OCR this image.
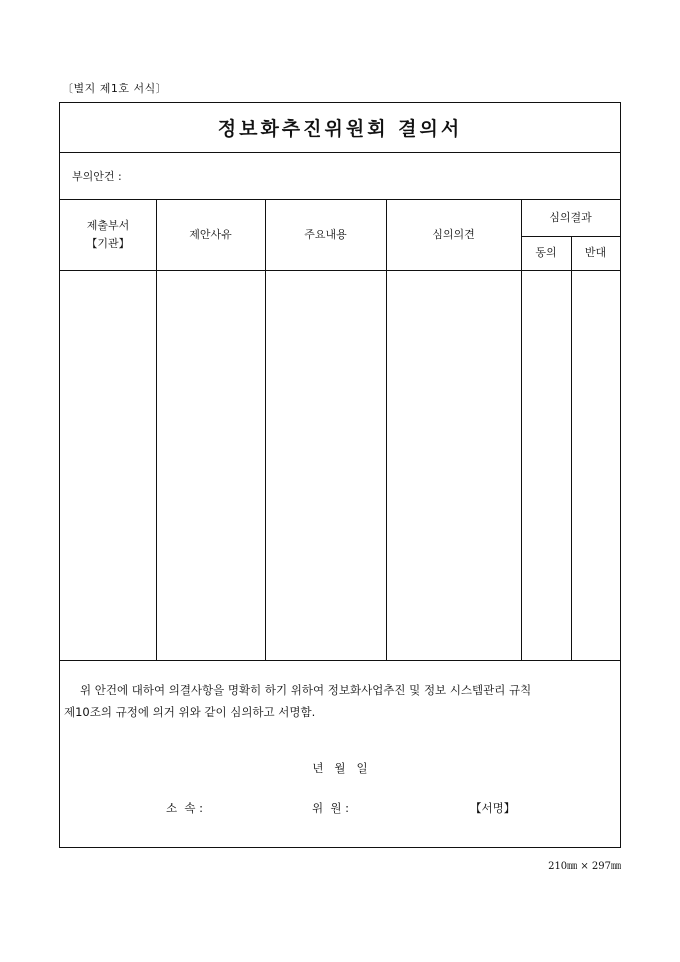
〔별지 제1호 서식〕
정보화추진위원회 결의서
부의안건 :
제출부서
【기관】
제안사유	주요내용	심의의견
심의결과
동의	반대
위 안건에 대하여 의결사항을 명확히 하기 위하여 정보화사업추진 및 정보 시스템관리 규칙
제10조의 규정에 의거 위와 같이 심의하고 서명함.
년   월   일
소  속 :	위  원 :	【서명】
210㎜ × 297㎜
